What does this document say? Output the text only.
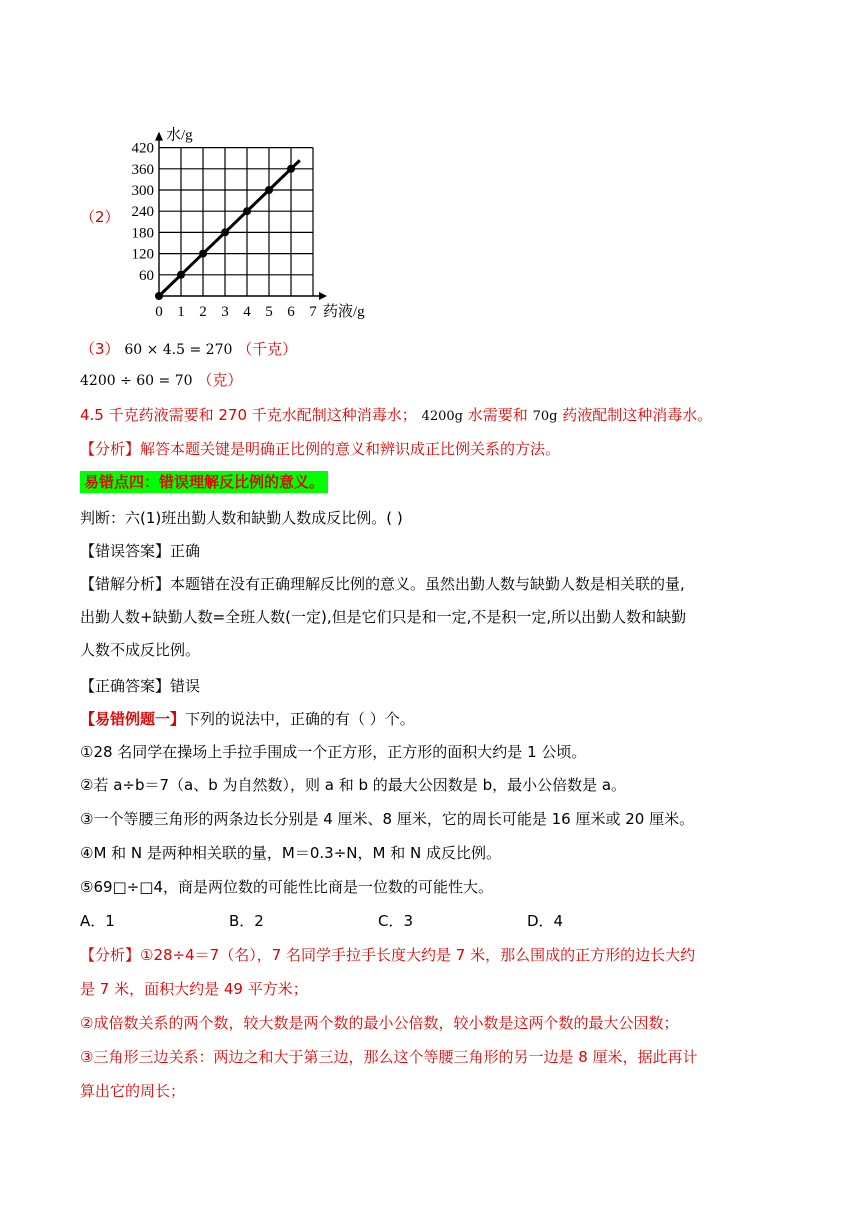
（2）
0 1 2 3 4 5 6 7
60
120
180
240
300
360
420
水/g
药液/g
（3） 60 × 4.5 = 270 （千克）
4200 ÷ 60 = 70 （克）
4.5 千克药液需要和 270 千克水配制这种消毒水； 4200g 水需要和 70g 药液配制这种消毒水。
【分析】解答本题关键是明确正比例的意义和辨识成正比例关系的方法。
易错点四：错误理解反比例的意义。
判断：六(1)班出勤人数和缺勤人数成反比例。( )
【错误答案】正确
【错解分析】本题错在没有正确理解反比例的意义。虽然出勤人数与缺勤人数是相关联的量,
出勤人数+缺勤人数=全班人数(一定),但是它们只是和一定,不是积一定,所以出勤人数和缺勤
人数不成反比例。
【正确答案】错误
【易错例题一】下列的说法中，正确的有（ ）个。
①28 名同学在操场上手拉手围成一个正方形，正方形的面积大约是 1 公顷。
②若 a÷b＝7（a、b 为自然数），则 a 和 b 的最大公因数是 b，最小公倍数是 a。
③一个等腰三角形的两条边长分别是 4 厘米、8 厘米，它的周长可能是 16 厘米或 20 厘米。
④M 和 N 是两种相关联的量，M＝0.3÷N，M 和 N 成反比例。
⑤69□÷□4，商是两位数的可能性比商是一位数的可能性大。
A．1	B．2	C．3	D．4
【分析】①28÷4＝7（名），7 名同学手拉手长度大约是 7 米，那么围成的正方形的边长大约
是 7 米，面积大约是 49 平方米；
②成倍数关系的两个数，较大数是两个数的最小公倍数，较小数是这两个数的最大公因数；
③三角形三边关系：两边之和大于第三边，那么这个等腰三角形的另一边是 8 厘米，据此再计
算出它的周长；
